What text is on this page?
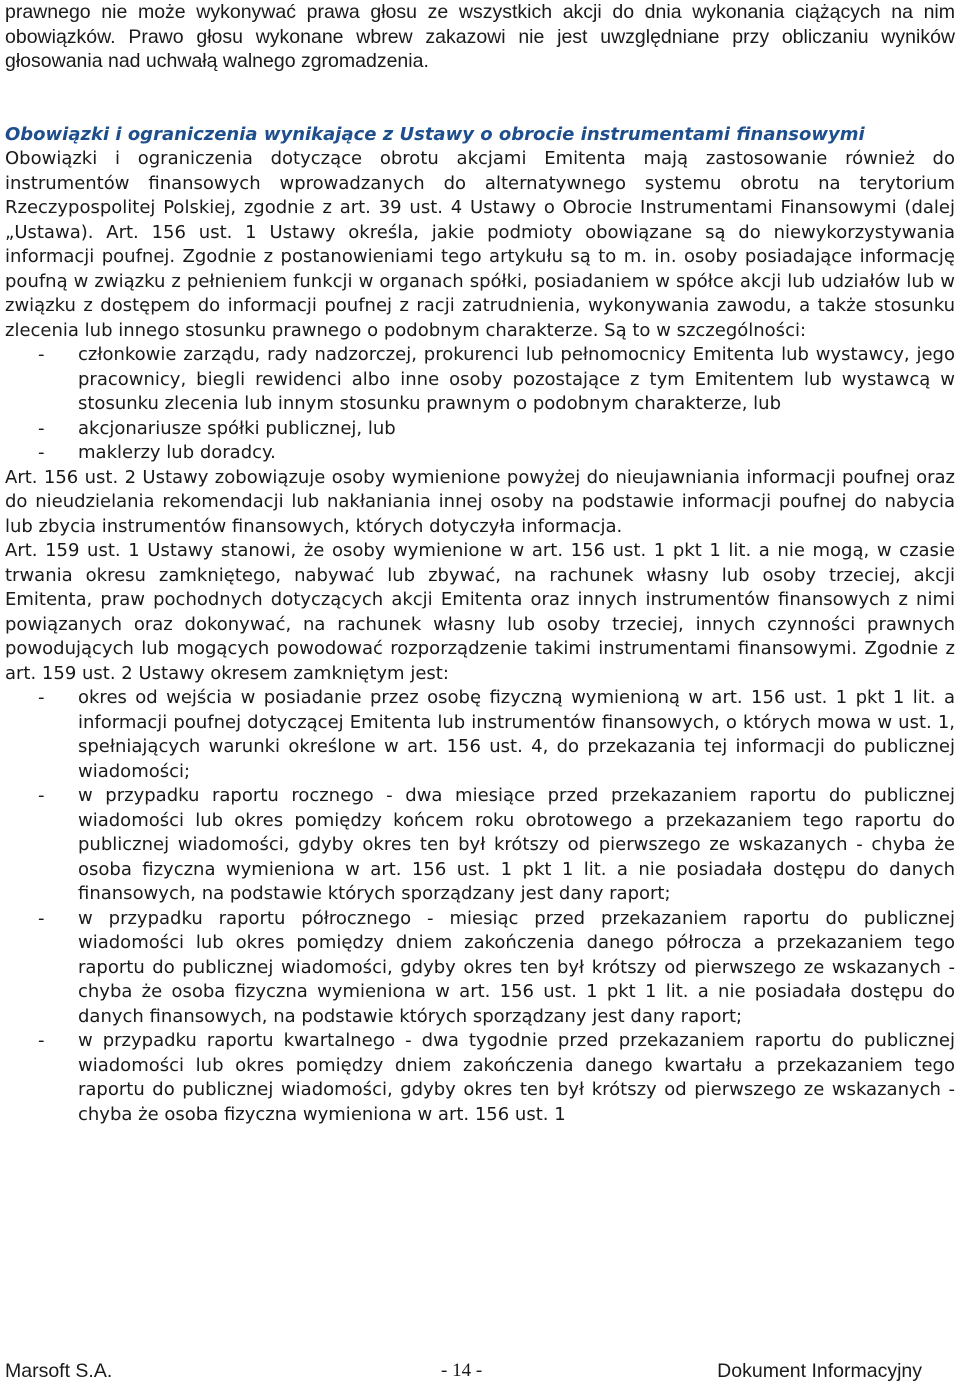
prawnego nie może wykonywać prawa głosu ze wszystkich akcji do dnia wykonania ciążących na nim obowiązków. Prawo głosu wykonane wbrew zakazowi nie jest uwzględniane przy obliczaniu wyników głosowania nad uchwałą walnego zgromadzenia.

Obowiązki i ograniczenia wynikające z Ustawy o obrocie instrumentami finansowymi

Obowiązki i ograniczenia dotyczące obrotu akcjami Emitenta mają zastosowanie również do instrumentów finansowych wprowadzanych do alternatywnego systemu obrotu na terytorium Rzeczypospolitej Polskiej, zgodnie z art. 39 ust. 4 Ustawy o Obrocie Instrumentami Finansowymi (dalej „Ustawa). Art. 156 ust. 1 Ustawy określa, jakie podmioty obowiązane są do niewykorzystywania informacji poufnej. Zgodnie z postanowieniami tego artykułu są to m. in. osoby posiadające informację poufną w związku z pełnieniem funkcji w organach spółki, posiadaniem w spółce akcji lub udziałów lub w związku z dostępem do informacji poufnej z racji zatrudnienia, wykonywania zawodu, a także stosunku zlecenia lub innego stosunku prawnego o podobnym charakterze. Są to w szczególności:

- członkowie zarządu, rady nadzorczej, prokurenci lub pełnomocnicy Emitenta lub wystawcy, jego pracownicy, biegli rewidenci albo inne osoby pozostające z tym Emitentem lub wystawcą w stosunku zlecenia lub innym stosunku prawnym o podobnym charakterze, lub
- akcjonariusze spółki publicznej, lub
- maklerzy lub doradcy.

Art. 156 ust. 2 Ustawy zobowiązuje osoby wymienione powyżej do nieujawniania informacji poufnej oraz do nieudzielania rekomendacji lub nakłaniania innej osoby na podstawie informacji poufnej do nabycia lub zbycia instrumentów finansowych, których dotyczyła informacja.

Art. 159 ust. 1 Ustawy stanowi, że osoby wymienione w art. 156 ust. 1 pkt 1 lit. a nie mogą, w czasie trwania okresu zamkniętego, nabywać lub zbywać, na rachunek własny lub osoby trzeciej, akcji Emitenta, praw pochodnych dotyczących akcji Emitenta oraz innych instrumentów finansowych z nimi powiązanych oraz dokonywać, na rachunek własny lub osoby trzeciej, innych czynności prawnych powodujących lub mogących powodować rozporządzenie takimi instrumentami finansowymi. Zgodnie z art. 159 ust. 2 Ustawy okresem zamkniętym jest:

- okres od wejścia w posiadanie przez osobę fizyczną wymienioną w art. 156 ust. 1 pkt 1 lit. a informacji poufnej dotyczącej Emitenta lub instrumentów finansowych, o których mowa w ust. 1, spełniających warunki określone w art. 156 ust. 4, do przekazania tej informacji do publicznej wiadomości;
- w przypadku raportu rocznego - dwa miesiące przed przekazaniem raportu do publicznej wiadomości lub okres pomiędzy końcem roku obrotowego a przekazaniem tego raportu do publicznej wiadomości, gdyby okres ten był krótszy od pierwszego ze wskazanych - chyba że osoba fizyczna wymieniona w art. 156 ust. 1 pkt 1 lit. a nie posiadała dostępu do danych finansowych, na podstawie których sporządzany jest dany raport;
- w przypadku raportu półrocznego - miesiąc przed przekazaniem raportu do publicznej wiadomości lub okres pomiędzy dniem zakończenia danego półrocza a przekazaniem tego raportu do publicznej wiadomości, gdyby okres ten był krótszy od pierwszego ze wskazanych - chyba że osoba fizyczna wymieniona w art. 156 ust. 1 pkt 1 lit. a nie posiadała dostępu do danych finansowych, na podstawie których sporządzany jest dany raport;
- w przypadku raportu kwartalnego - dwa tygodnie przed przekazaniem raportu do publicznej wiadomości lub okres pomiędzy dniem zakończenia danego kwartału a przekazaniem tego raportu do publicznej wiadomości, gdyby okres ten był krótszy od pierwszego ze wskazanych - chyba że osoba fizyczna wymieniona w art. 156 ust. 1
Marsoft S.A.	- 14 -	Dokument Informacyjny
